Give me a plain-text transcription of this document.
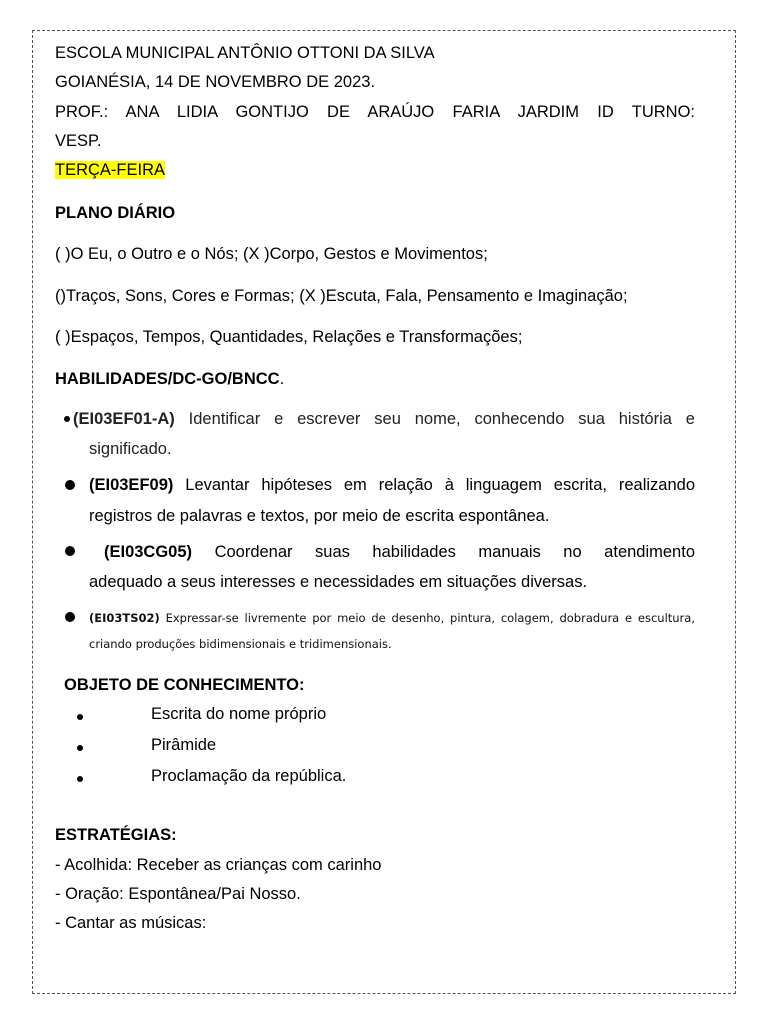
ESCOLA MUNICIPAL ANTÔNIO OTTONI DA SILVA
GOIANÉSIA, 14 DE NOVEMBRO DE 2023.
PROF.: ANA LIDIA GONTIJO DE ARAÚJO FARIA JARDIM ID TURNO:
VESP.
TERÇA-FEIRA
PLANO DIÁRIO
( )O Eu, o Outro e o Nós; (X )Corpo, Gestos e Movimentos;
()Traços, Sons, Cores e Formas; (X )Escuta, Fala, Pensamento e Imaginação;
( )Espaços, Tempos, Quantidades, Relações e Transformações;
HABILIDADES/DC-GO/BNCC.
(EI03EF01-A) Identificar e escrever seu nome, conhecendo sua história e
significado.
(EI03EF09) Levantar hipóteses em relação à linguagem escrita, realizando
registros de palavras e textos, por meio de escrita espontânea.
(EI03CG05) Coordenar suas habilidades manuais no atendimento
adequado a seus interesses e necessidades em situações diversas.
(EI03TS02) Expressar-se livremente por meio de desenho, pintura, colagem, dobradura e escultura,
criando produções bidimensionais e tridimensionais.
OBJETO DE CONHECIMENTO:
Escrita do nome próprio
Pirâmide
Proclamação da república.
ESTRATÉGIAS:
- Acolhida: Receber as crianças com carinho
- Oração: Espontânea/Pai Nosso.
- Cantar as músicas:
